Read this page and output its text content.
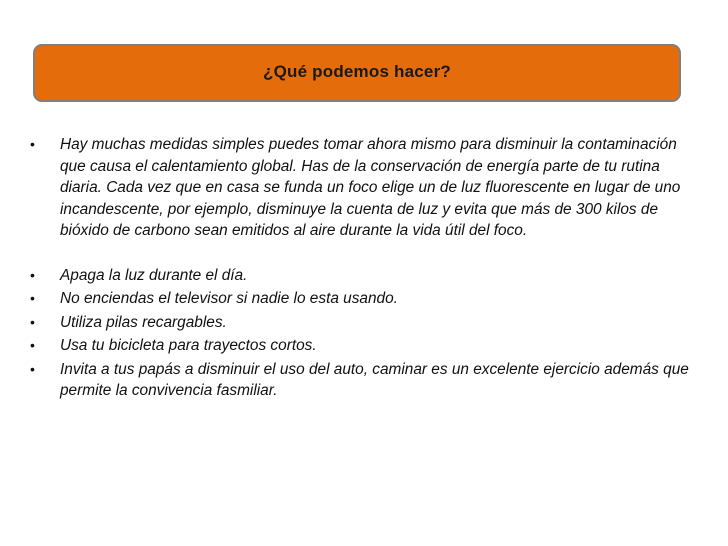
¿Qué podemos hacer?
• Hay muchas medidas simples puedes tomar ahora mismo para disminuir la contaminación que causa el calentamiento global. Has de la conservación de energía parte de tu rutina diaria. Cada vez que en casa se funda un foco elige un de luz fluorescente en lugar de uno incandescente, por ejemplo, disminuye la cuenta de luz y evita que más de 300 kilos de bióxido de carbono sean emitidos al aire durante la vida útil del foco.
• Apaga la luz durante el día.
• No enciendas el televisor si nadie lo esta usando.
• Utiliza pilas recargables.
• Usa tu bicicleta para trayectos cortos.
• Invita a tus papás a disminuir el uso del auto, caminar es un excelente ejercicio además que permite la convivencia fasmiliar.
